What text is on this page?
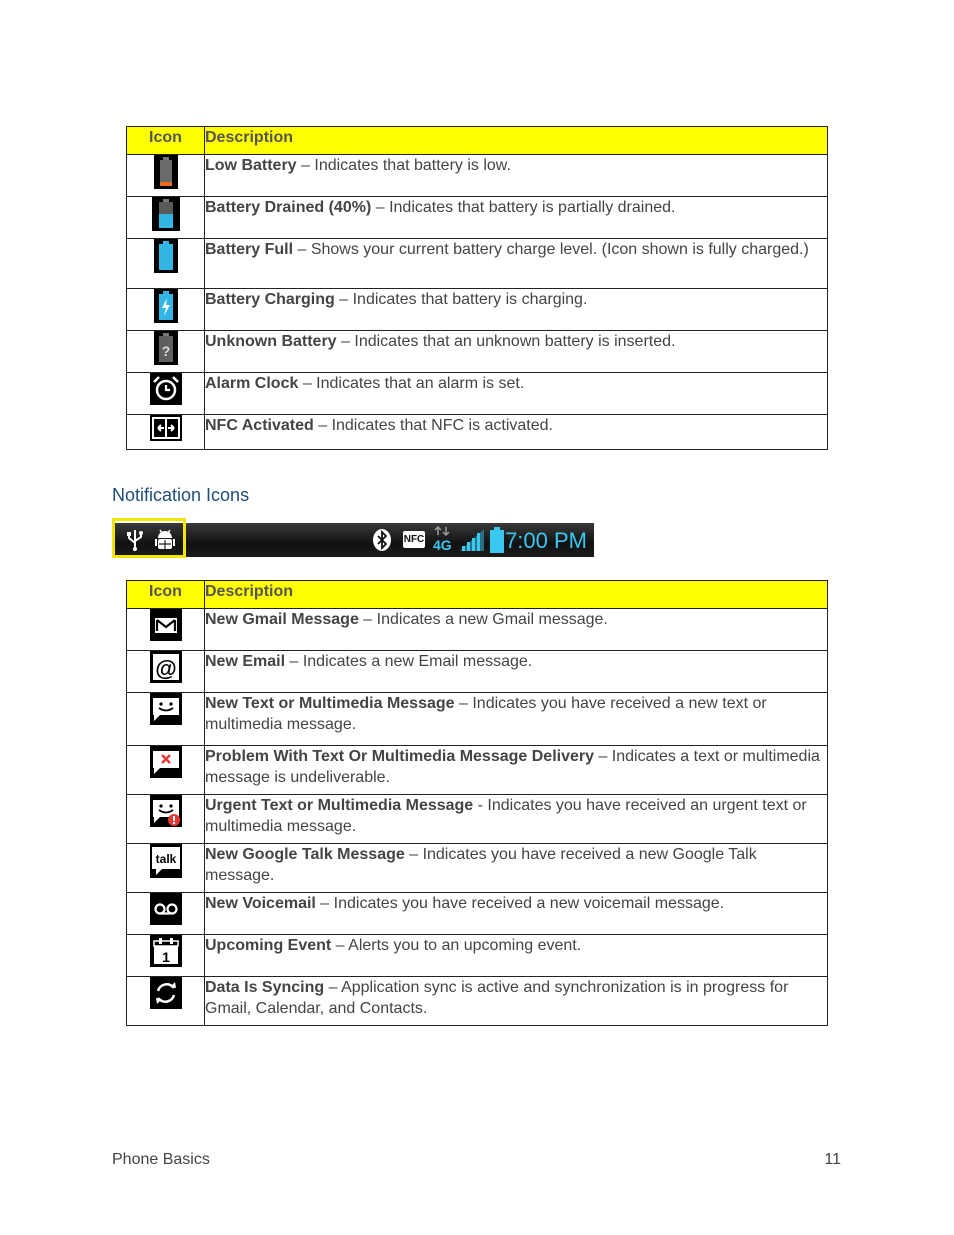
Icon	Description
	Low Battery – Indicates that battery is low.
	Battery Drained (40%) – Indicates that battery is partially drained.
	Battery Full – Shows your current battery charge level. (Icon shown is fully charged.)
	Battery Charging – Indicates that battery is charging.

?	Unknown Battery – Indicates that an unknown battery is inserted.
	Alarm Clock – Indicates that an alarm is set.
	NFC Activated – Indicates that NFC is activated.
Notification Icons
NFC 4G 7:00 PM
Icon	Description
	New Gmail Message – Indicates a new Gmail message.

@	New Email – Indicates a new Email message.
	New Text or Multimedia Message – Indicates you have received a new text or multimedia message.
	Problem With Text Or Multimedia Message Delivery – Indicates a text or multimedia message is undeliverable.
	Urgent Text or Multimedia Message - Indicates you have received an urgent text or multimedia message.

talk	New Google Talk Message – Indicates you have received a new Google Talk message.
	New Voicemail – Indicates you have received a new voicemail message.

1	Upcoming Event – Alerts you to an upcoming event.
	Data Is Syncing – Application sync is active and synchronization is in progress for Gmail, Calendar, and Contacts.
Phone Basics	11
